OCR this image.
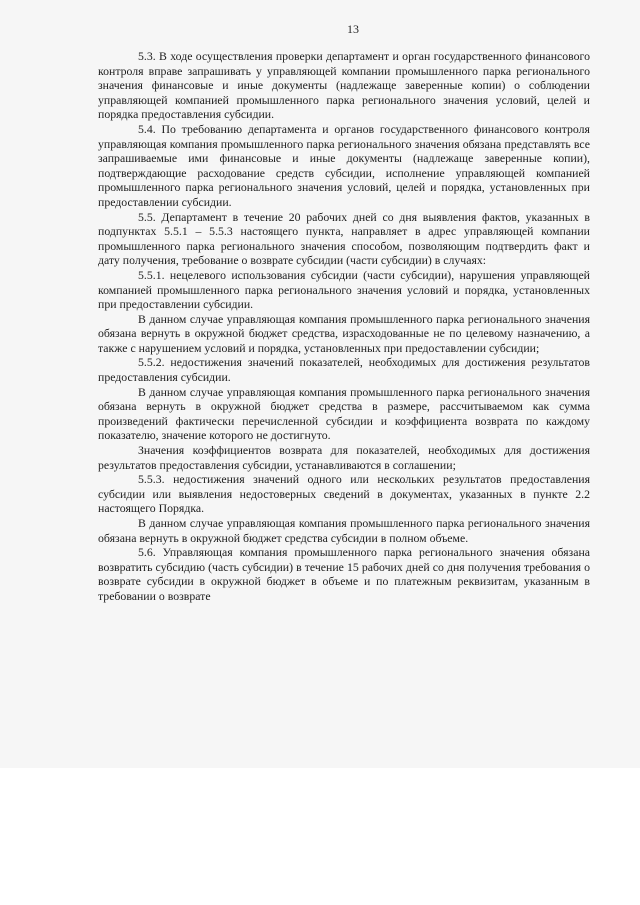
13

5.3. В ходе осуществления проверки департамент и орган государственного финансового контроля вправе запрашивать у управляющей компании промышленного парка регионального значения финансовые и иные документы (надлежаще заверенные копии) о соблюдении управляющей компанией промышленного парка регионального значения условий, целей и порядка предоставления субсидии.

5.4. По требованию департамента и органов государственного финансового контроля управляющая компания промышленного парка регионального значения обязана представлять все запрашиваемые ими финансовые и иные документы (надлежаще заверенные копии), подтверждающие расходование средств субсидии, исполнение управляющей компанией промышленного парка регионального значения условий, целей и порядка, установленных при предоставлении субсидии.

5.5. Департамент в течение 20 рабочих дней со дня выявления фактов, указанных в подпунктах 5.5.1 – 5.5.3 настоящего пункта, направляет в адрес управляющей компании промышленного парка регионального значения способом, позволяющим подтвердить факт и дату получения, требование о возврате субсидии (части субсидии) в случаях:

5.5.1. нецелевого использования субсидии (части субсидии), нарушения управляющей компанией промышленного парка регионального значения условий и порядка, установленных при предоставлении субсидии.

В данном случае управляющая компания промышленного парка регионального значения обязана вернуть в окружной бюджет средства, израсходованные не по целевому назначению, а также с нарушением условий и порядка, установленных при предоставлении субсидии;

5.5.2. недостижения значений показателей, необходимых для достижения результатов предоставления субсидии.

В данном случае управляющая компания промышленного парка регионального значения обязана вернуть в окружной бюджет средства в размере, рассчитываемом как сумма произведений фактически перечисленной субсидии и коэффициента возврата по каждому показателю, значение которого не достигнуто.

Значения коэффициентов возврата для показателей, необходимых для достижения результатов предоставления субсидии, устанавливаются в соглашении;

5.5.3. недостижения значений одного или нескольких результатов предоставления субсидии или выявления недостоверных сведений в документах, указанных в пункте 2.2 настоящего Порядка.

В данном случае управляющая компания промышленного парка регионального значения обязана вернуть в окружной бюджет средства субсидии в полном объеме.

5.6. Управляющая компания промышленного парка регионального значения обязана возвратить субсидию (часть субсидии) в течение 15 рабочих дней со дня получения требования о возврате субсидии в окружной бюджет в объеме и по платежным реквизитам, указанным в требовании о возврате
